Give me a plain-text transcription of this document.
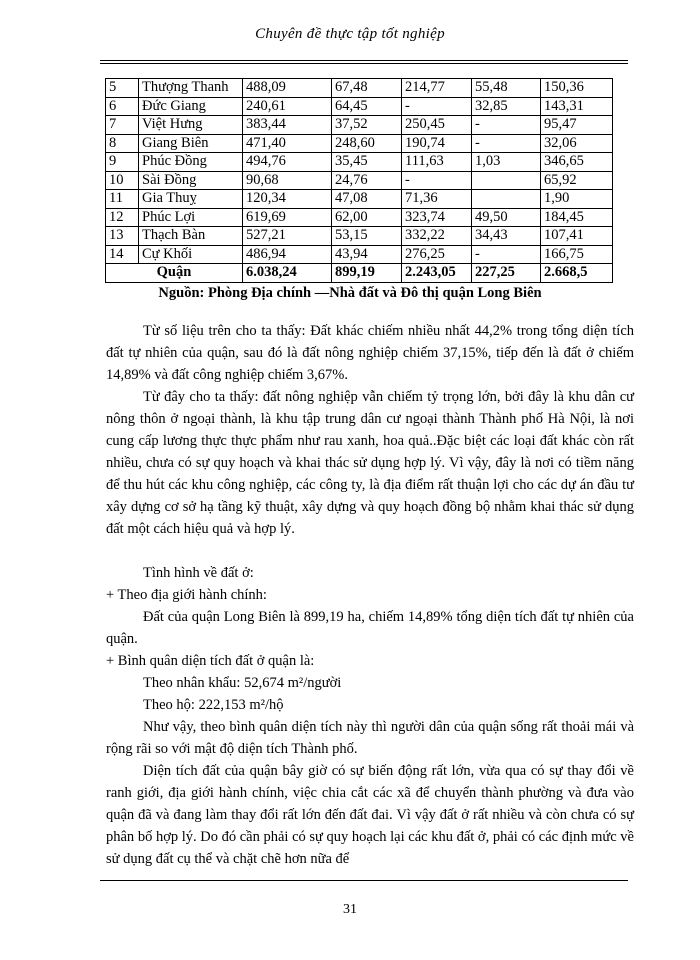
Chuyên đề thực tập tốt nghiệp
5	Thượng Thanh	488,09	67,48	214,77	55,48	150,36
6	Đức Giang	240,61	64,45	-	32,85	143,31
7	Việt Hưng	383,44	37,52	250,45	-	95,47
8	Giang Biên	471,40	248,60	190,74	-	32,06
9	Phúc Đồng	494,76	35,45	111,63	1,03	346,65
10	Sài Đồng	90,68	24,76	-		65,92
11	Gia Thuỵ	120,34	47,08	71,36		1,90
12	Phúc Lợi	619,69	62,00	323,74	49,50	184,45
13	Thạch Bàn	527,21	53,15	332,22	34,43	107,41
14	Cự Khối	486,94	43,94	276,25	-	166,75
Quận		6.038,24	899,19	2.243,05	227,25	2.668,5
Nguồn: Phòng Địa chính —Nhà đất và Đô thị quận Long Biên

Từ số liệu trên cho ta thấy: Đất khác chiếm nhiều nhất 44,2% trong tổng diện tích đất tự nhiên của quận, sau đó là đất nông nghiệp chiếm 37,15%, tiếp đến là đất ở chiếm 14,89% và đất công nghiệp chiếm 3,67%.

Từ đây cho ta thấy: đất nông nghiệp vẫn chiếm tỷ trọng lớn, bởi đây là khu dân cư nông thôn ở ngoại thành, là khu tập trung dân cư ngoại thành Thành phố Hà Nội, là nơi cung cấp lương thực thực phẩm như rau xanh, hoa quả..Đặc biệt các loại đất khác còn rất nhiều, chưa có sự quy hoạch và khai thác sử dụng hợp lý. Vì vậy, đây là nơi có tiềm năng để thu hút các khu công nghiệp, các công ty, là địa điểm rất thuận lợi cho các dự án đầu tư xây dựng cơ sở hạ tầng kỹ thuật, xây dựng và quy hoạch đồng bộ nhằm khai thác sử dụng đất một cách hiệu quả và hợp lý.

Tình hình về đất ở:

+ Theo địa giới hành chính:

Đất của quận Long Biên là 899,19 ha, chiếm 14,89% tổng diện tích đất tự nhiên của quận.

+ Bình quân diện tích đất ở quận là:

Theo nhân khẩu: 52,674 m²/người

Theo hộ: 222,153 m²/hộ

Như vậy, theo bình quân diện tích này thì người dân của quận sống rất thoải mái và rộng rãi so với mật độ diện tích Thành phố.

Diện tích đất của quận bây giờ có sự biến động rất lớn, vừa qua có sự thay đổi về ranh giới, địa giới hành chính, việc chia cắt các xã để chuyển thành phường và đưa vào quận đã và đang làm thay đổi rất lớn đến đất đai. Vì vậy đất ở rất nhiều và còn chưa có sự phân bố hợp lý. Do đó cần phải có sự quy hoạch lại các khu đất ở, phải có các định mức về sử dụng đất cụ thể và chặt chẽ hơn nữa để

31
